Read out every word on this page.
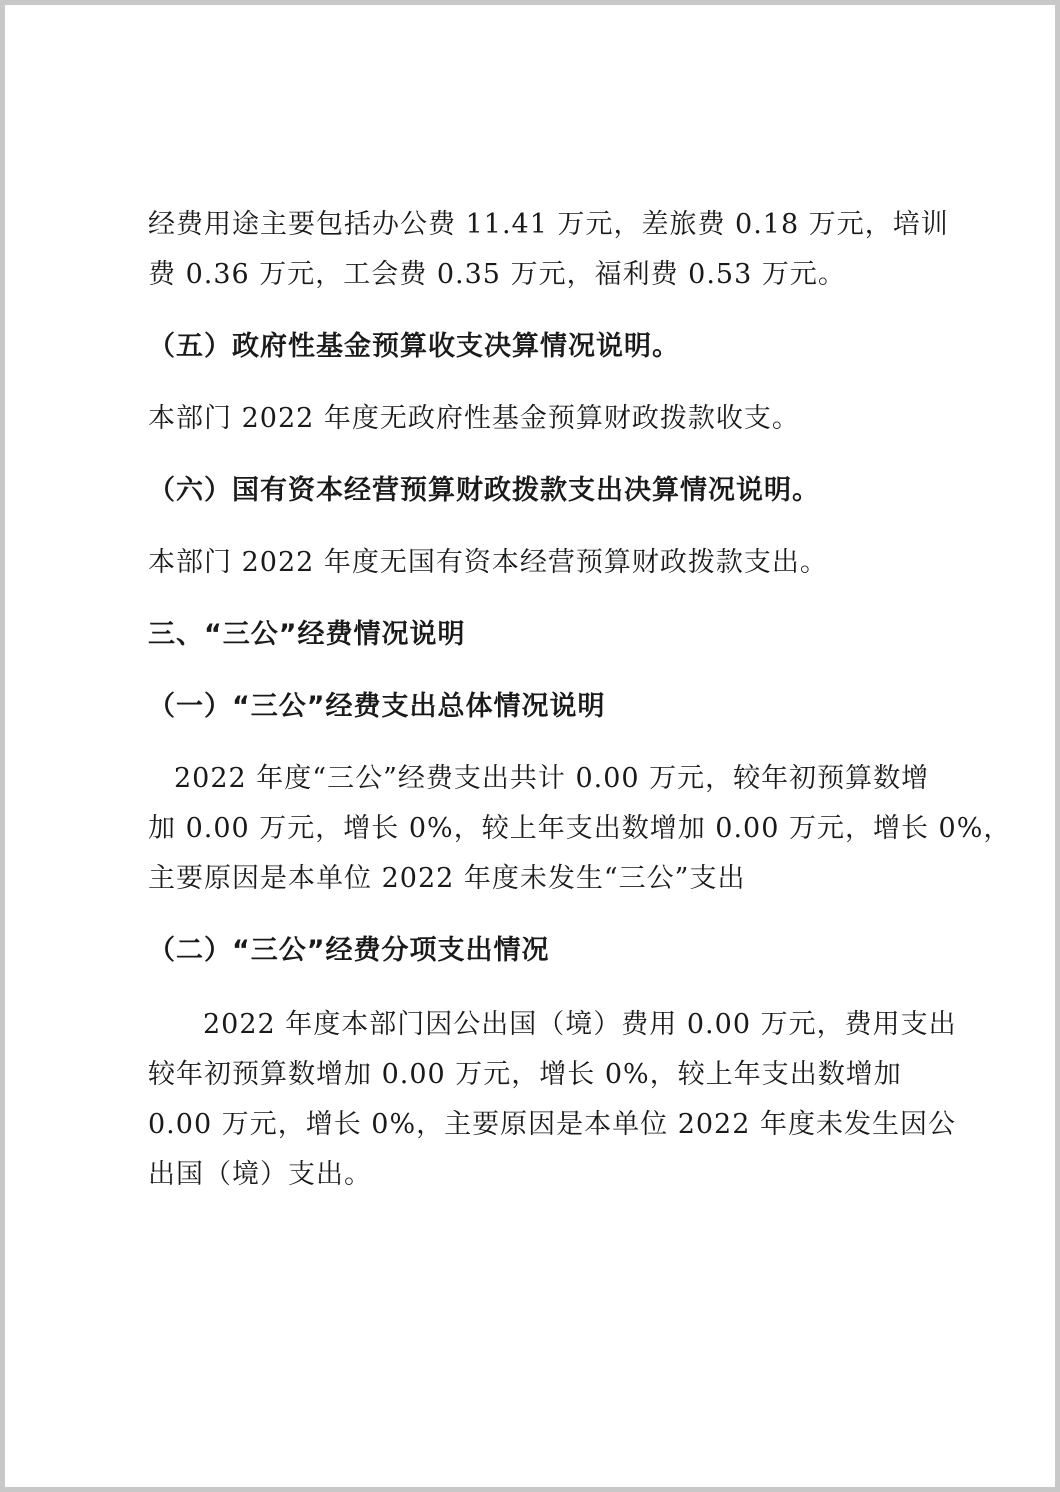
经费用途主要包括办公费 11.41 万元，差旅费 0.18 万元，培训
费 0.36 万元，工会费 0.35 万元，福利费 0.53 万元。
（五）政府性基金预算收支决算情况说明。
本部门 2022 年度无政府性基金预算财政拨款收支。
（六）国有资本经营预算财政拨款支出决算情况说明。
本部门 2022 年度无国有资本经营预算财政拨款支出。
三、“三公”经费情况说明
（一）“三公”经费支出总体情况说明
2022 年度“三公”经费支出共计 0.00 万元，较年初预算数增
加 0.00 万元，增长 0%，较上年支出数增加 0.00 万元，增长 0%，
主要原因是本单位 2022 年度未发生“三公”支出
（二）“三公”经费分项支出情况
2022 年度本部门因公出国（境）费用 0.00 万元，费用支出
较年初预算数增加 0.00 万元，增长 0%，较上年支出数增加
0.00 万元，增长 0%，主要原因是本单位 2022 年度未发生因公
出国（境）支出。
